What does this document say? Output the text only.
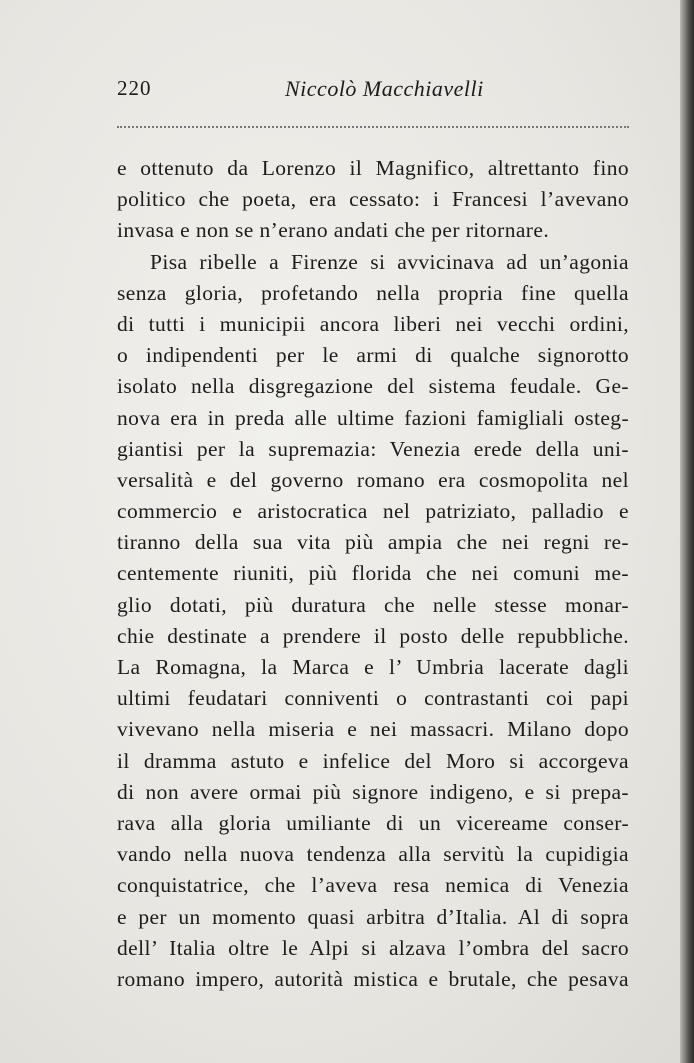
220	Niccolò Macchiavelli
e ottenuto da Lorenzo il Magnifico, altrettanto fino
politico che poeta, era cessato: i Francesi l’avevano
invasa e non se n’erano andati che per ritornare.
Pisa ribelle a Firenze si avvicinava ad un’agonia
senza gloria, profetando nella propria fine quella
di tutti i municipii ancora liberi nei vecchi ordini,
o indipendenti per le armi di qualche signorotto
isolato nella disgregazione del sistema feudale. Ge-
nova era in preda alle ultime fazioni famigliali osteg-
giantisi per la supremazia: Venezia erede della uni-
versalità e del governo romano era cosmopolita nel
commercio e aristocratica nel patriziato, palladio e
tiranno della sua vita più ampia che nei regni re-
centemente riuniti, più florida che nei comuni me-
glio dotati, più duratura che nelle stesse monar-
chie destinate a prendere il posto delle repubbliche.
La Romagna, la Marca e l’ Umbria lacerate dagli
ultimi feudatari conniventi o contrastanti coi papi
vivevano nella miseria e nei massacri. Milano dopo
il dramma astuto e infelice del Moro si accorgeva
di non avere ormai più signore indigeno, e si prepa-
rava alla gloria umiliante di un vicereame conser-
vando nella nuova tendenza alla servitù la cupidigia
conquistatrice, che l’aveva resa nemica di Venezia
e per un momento quasi arbitra d’Italia. Al di sopra
dell’ Italia oltre le Alpi si alzava l’ombra del sacro
romano impero, autorità mistica e brutale, che pesava
